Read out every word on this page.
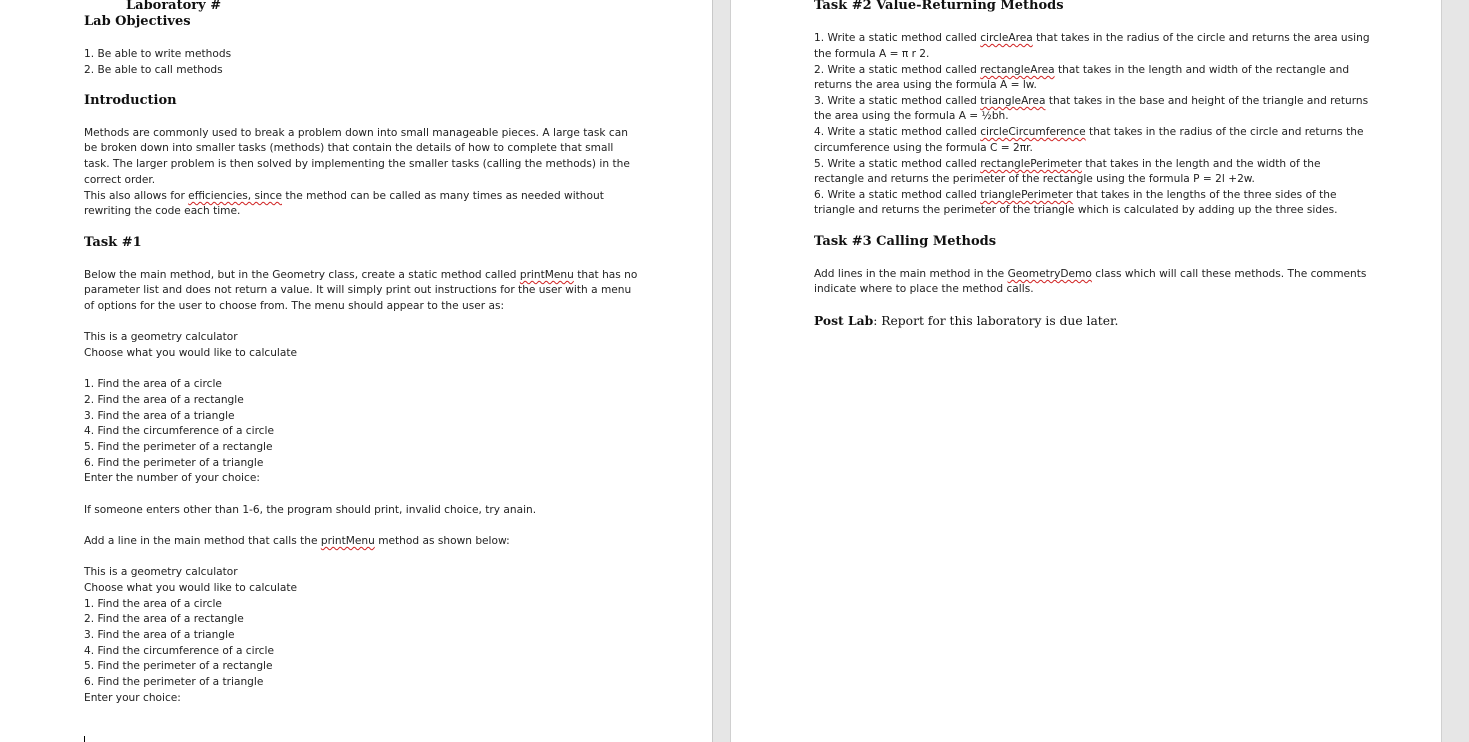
Laboratory #
Lab Objectives
1. Be able to write methods
2. Be able to call methods
Introduction
Methods are commonly used to break a problem down into small manageable pieces. A large task can
be broken down into smaller tasks (methods) that contain the details of how to complete that small
task. The larger problem is then solved by implementing the smaller tasks (calling the methods) in the
correct order.
This also allows for efficiencies, since the method can be called as many times as needed without
rewriting the code each time.
Task #1
Below the main method, but in the Geometry class, create a static method called printMenu that has no
parameter list and does not return a value. It will simply print out instructions for the user with a menu
of options for the user to choose from. The menu should appear to the user as:
This is a geometry calculator
Choose what you would like to calculate
1. Find the area of a circle
2. Find the area of a rectangle
3. Find the area of a triangle
4. Find the circumference of a circle
5. Find the perimeter of a rectangle
6. Find the perimeter of a triangle
Enter the number of your choice:
If someone enters other than 1-6, the program should print, invalid choice, try anain.
Add a line in the main method that calls the printMenu method as shown below:
This is a geometry calculator
Choose what you would like to calculate
1. Find the area of a circle
2. Find the area of a rectangle
3. Find the area of a triangle
4. Find the circumference of a circle
5. Find the perimeter of a rectangle
6. Find the perimeter of a triangle
Enter your choice:
Task #2 Value-Returning Methods
1. Write a static method called circleArea that takes in the radius of the circle and returns the area using
the formula A = π r 2.
2. Write a static method called rectangleArea that takes in the length and width of the rectangle and
returns the area using the formula A = lw.
3. Write a static method called triangleArea that takes in the base and height of the triangle and returns
the area using the formula A = ½bh.
4. Write a static method called circleCircumference that takes in the radius of the circle and returns the
circumference using the formula C = 2πr.
5. Write a static method called rectanglePerimeter that takes in the length and the width of the
rectangle and returns the perimeter of the rectangle using the formula P = 2l +2w.
6. Write a static method called trianglePerimeter that takes in the lengths of the three sides of the
triangle and returns the perimeter of the triangle which is calculated by adding up the three sides.
Task #3 Calling Methods
Add lines in the main method in the GeometryDemo class which will call these methods. The comments
indicate where to place the method calls.
Post Lab: Report for this laboratory is due later.
